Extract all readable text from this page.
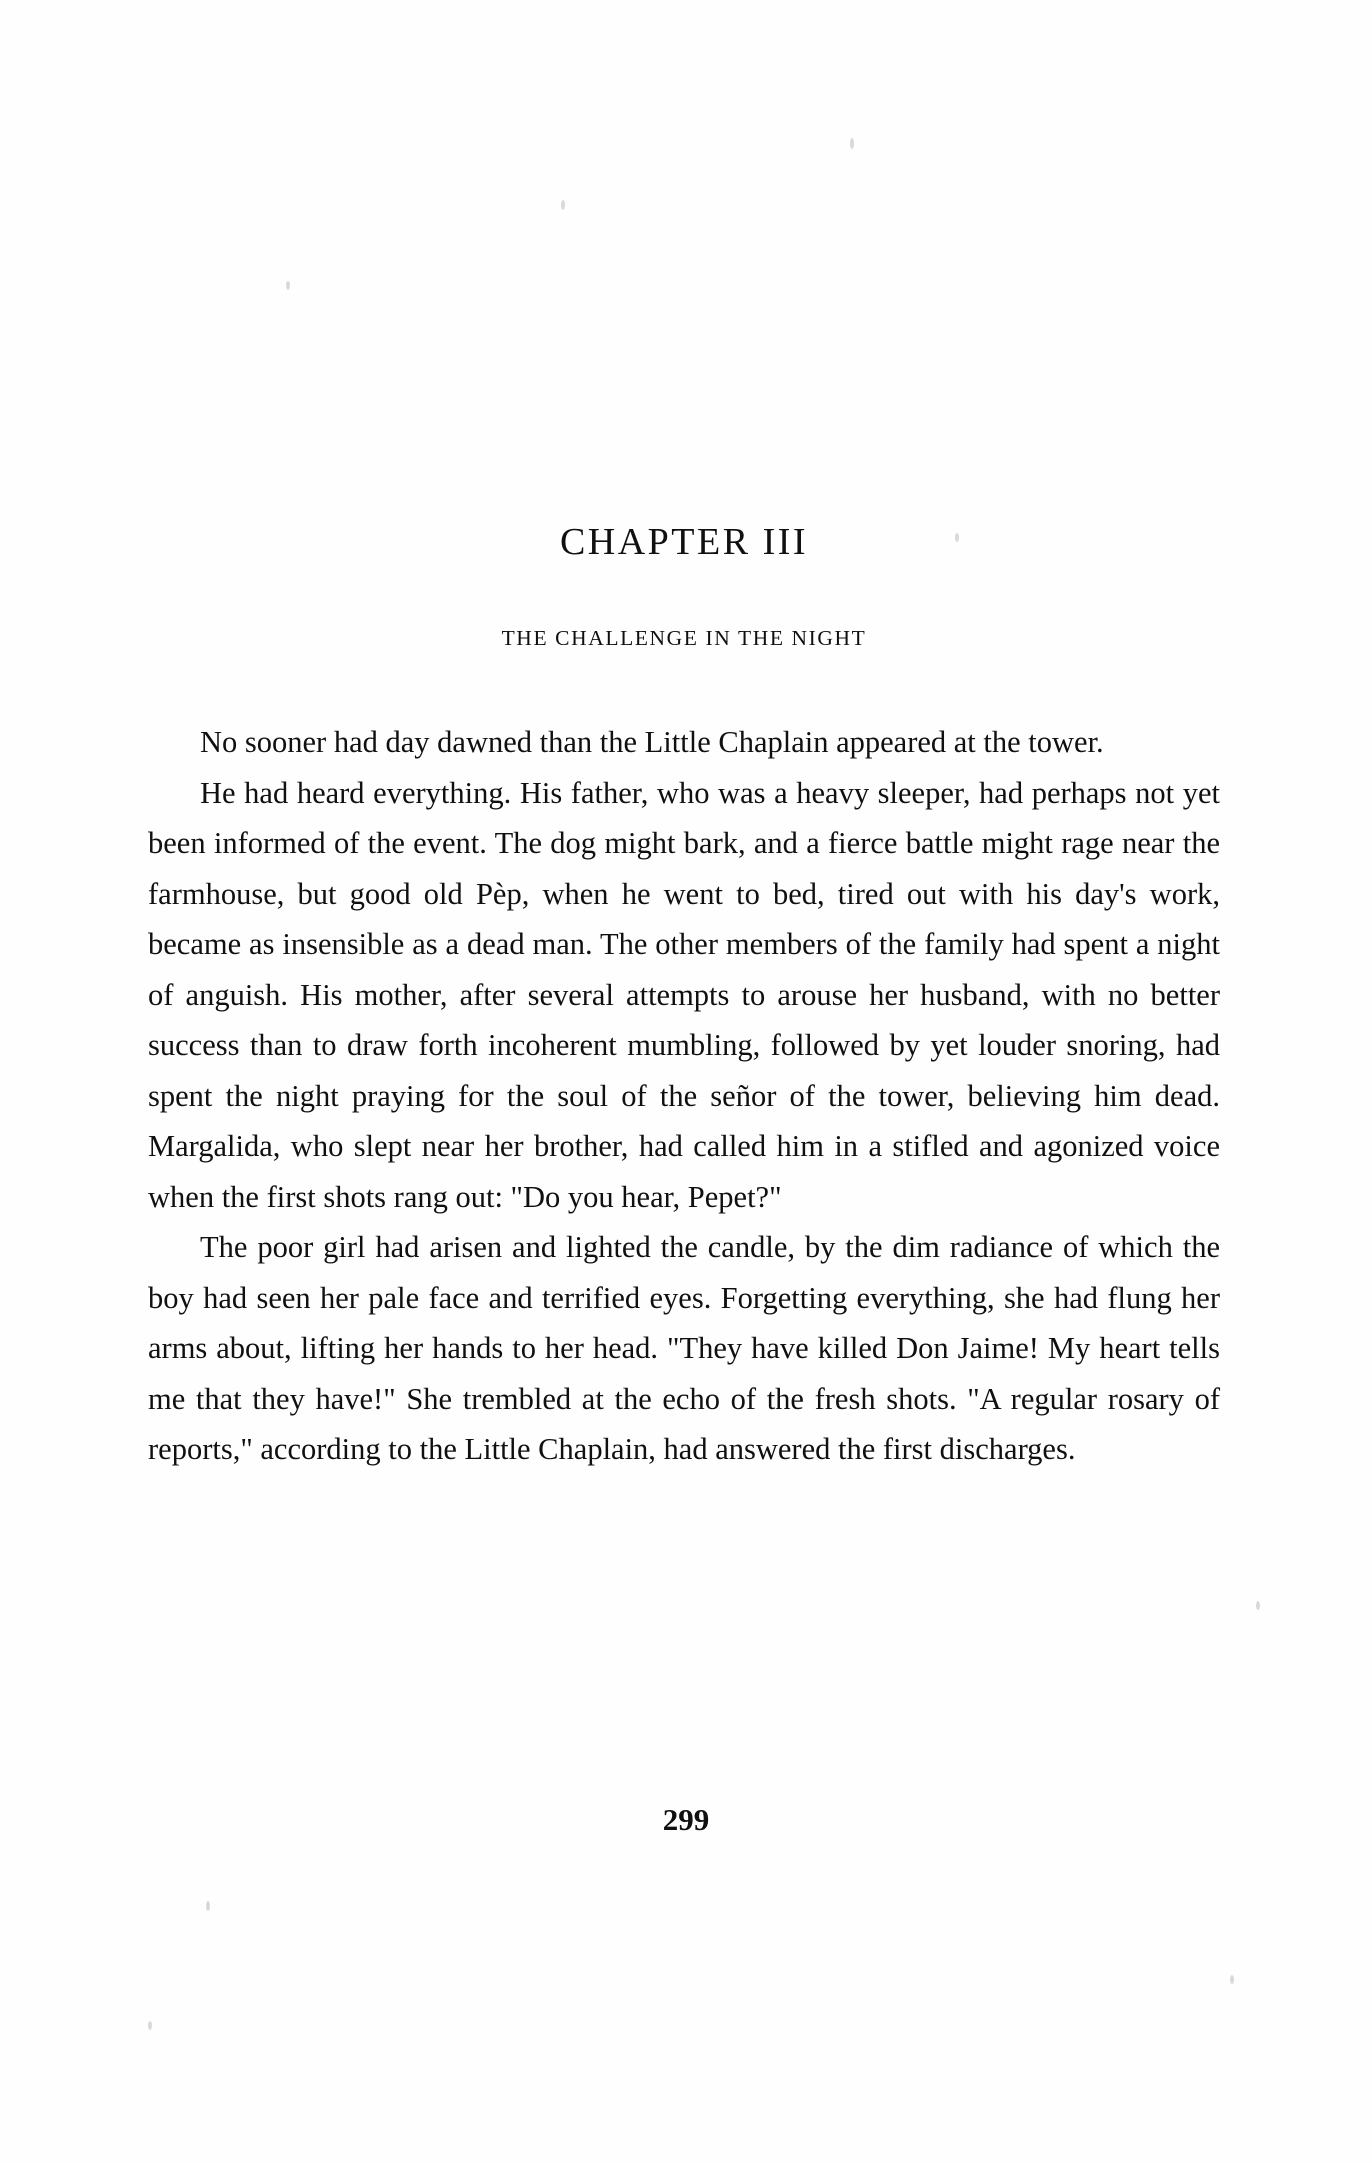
CHAPTER III
THE CHALLENGE IN THE NIGHT

No sooner had day dawned than the Little Chaplain appeared at the tower.

He had heard everything. His father, who was a heavy sleeper, had perhaps not yet been informed of the event. The dog might bark, and a fierce battle might rage near the farmhouse, but good old Pèp, when he went to bed, tired out with his day's work, became as insensible as a dead man. The other members of the family had spent a night of anguish. His mother, after several attempts to arouse her husband, with no better success than to draw forth incoherent mumbling, followed by yet louder snoring, had spent the night praying for the soul of the señor of the tower, believing him dead. Margalida, who slept near her brother, had called him in a stifled and agonized voice when the first shots rang out: "Do you hear, Pepet?"

The poor girl had arisen and lighted the candle, by the dim radiance of which the boy had seen her pale face and terrified eyes. Forgetting everything, she had flung her arms about, lifting her hands to her head. "They have killed Don Jaime! My heart tells me that they have!" She trembled at the echo of the fresh shots. "A regular rosary of reports," according to the Little Chaplain, had answered the first discharges.

299
